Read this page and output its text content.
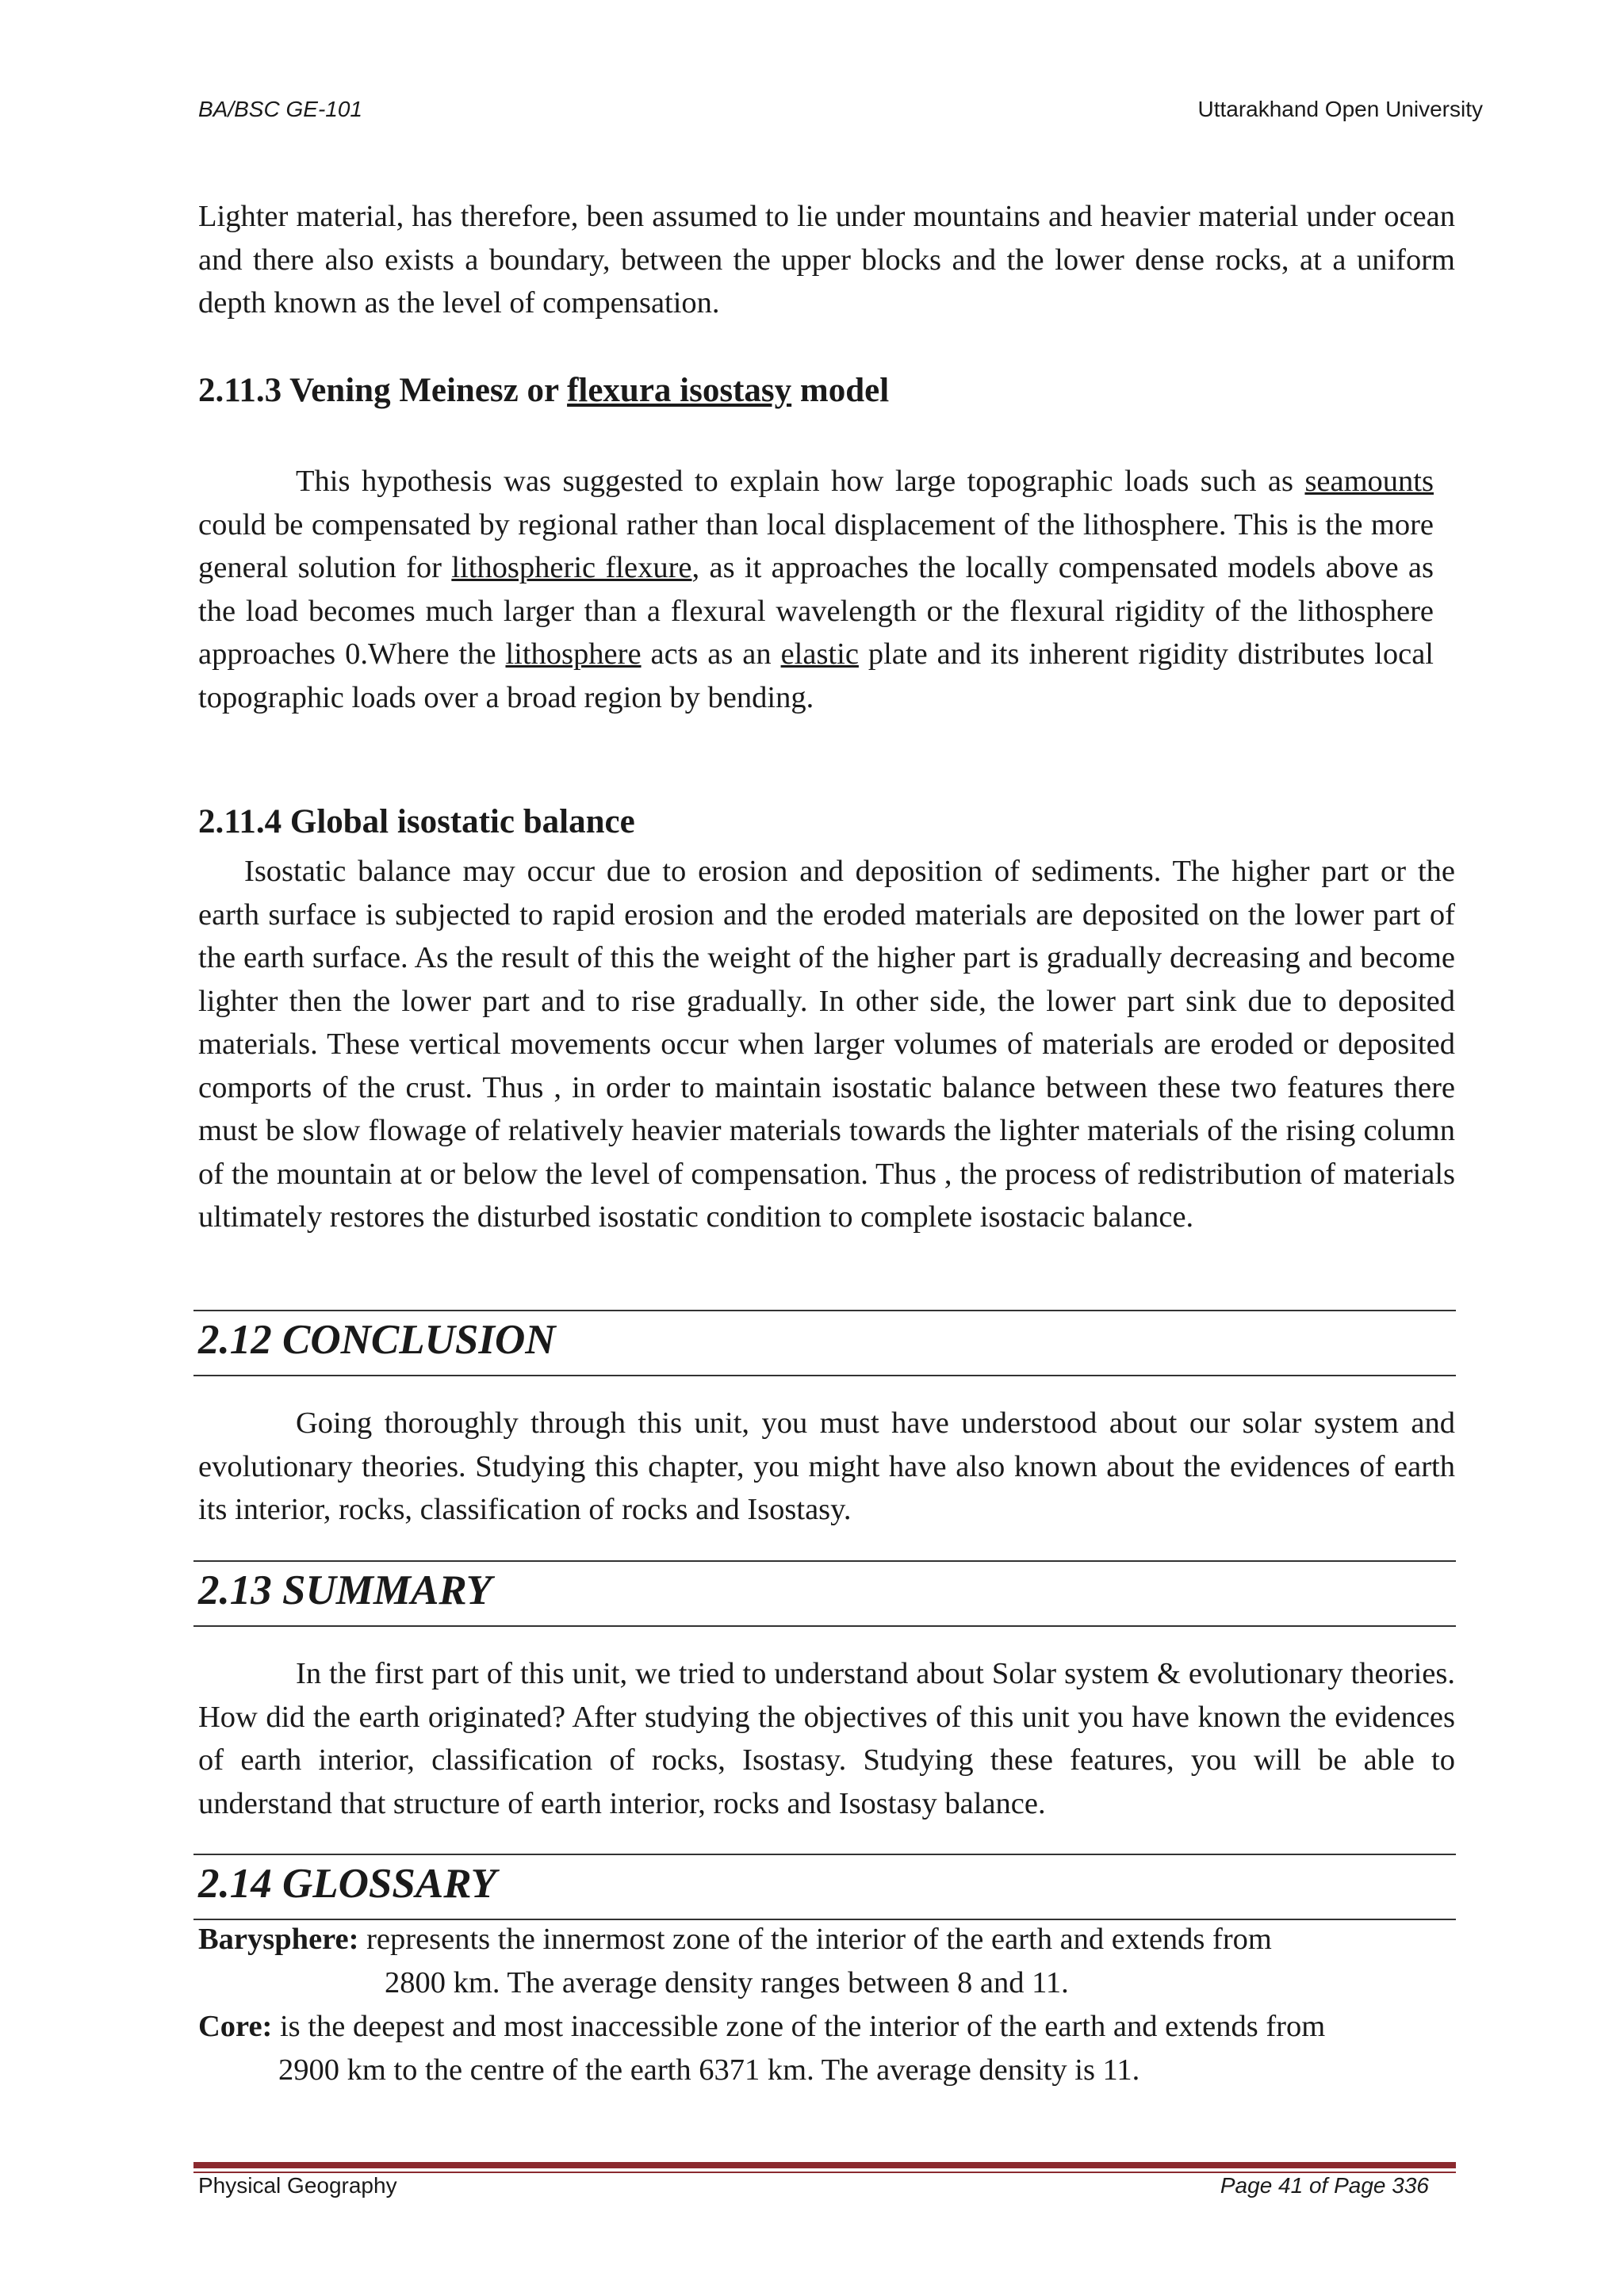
BA/BSC GE-101	Uttarakhand Open University

Lighter material, has therefore, been assumed to lie under mountains and heavier material under ocean and there also exists a boundary, between the upper blocks and the lower dense rocks, at a uniform depth known as the level of compensation.

2.11.3 Vening Meinesz or flexura isostasy model

This hypothesis was suggested to explain how large topographic loads such as seamounts could be compensated by regional rather than local displacement of the lithosphere. This is the more general solution for lithospheric flexure, as it approaches the locally compensated models above as the load becomes much larger than a flexural wavelength or the flexural rigidity of the lithosphere approaches 0.Where the lithosphere acts as an elastic plate and its inherent rigidity distributes local topographic loads over a broad region by bending.

2.11.4 Global isostatic balance

Isostatic balance may occur due to erosion and deposition of sediments. The higher part or the earth surface is subjected to rapid erosion and the eroded materials are deposited on the lower part of the earth surface. As the result of this the weight of the higher part is gradually decreasing and become lighter then the lower part and to rise gradually. In other side, the lower part sink due to deposited materials. These vertical movements occur when larger volumes of materials are eroded or deposited comports of the crust. Thus , in order to maintain isostatic balance between these two features there must be slow flowage of relatively heavier materials towards the lighter materials of the rising column of the mountain at or below the level of compensation. Thus , the process of redistribution of materials ultimately restores the disturbed isostatic condition to complete isostacic balance.

2.12 CONCLUSION

Going thoroughly through this unit, you must have understood about our solar system and evolutionary theories. Studying this chapter, you might have also known about the evidences of earth its interior, rocks, classification of rocks and Isostasy.

2.13 SUMMARY

In the first part of this unit, we tried to understand about Solar system & evolutionary theories. How did the earth originated? After studying the objectives of this unit you have known the evidences of earth interior, classification of rocks, Isostasy. Studying these features, you will be able to understand that structure of earth interior, rocks and Isostasy balance.

2.14 GLOSSARY

Barysphere: represents the innermost zone of the interior of the earth and extends from

2800 km. The average density ranges between 8 and 11.

Core: is the deepest and most inaccessible zone of the interior of the earth and extends from

2900 km to the centre of the earth 6371 km. The average density is 11.

Physical Geography	Page 41 of Page 336
